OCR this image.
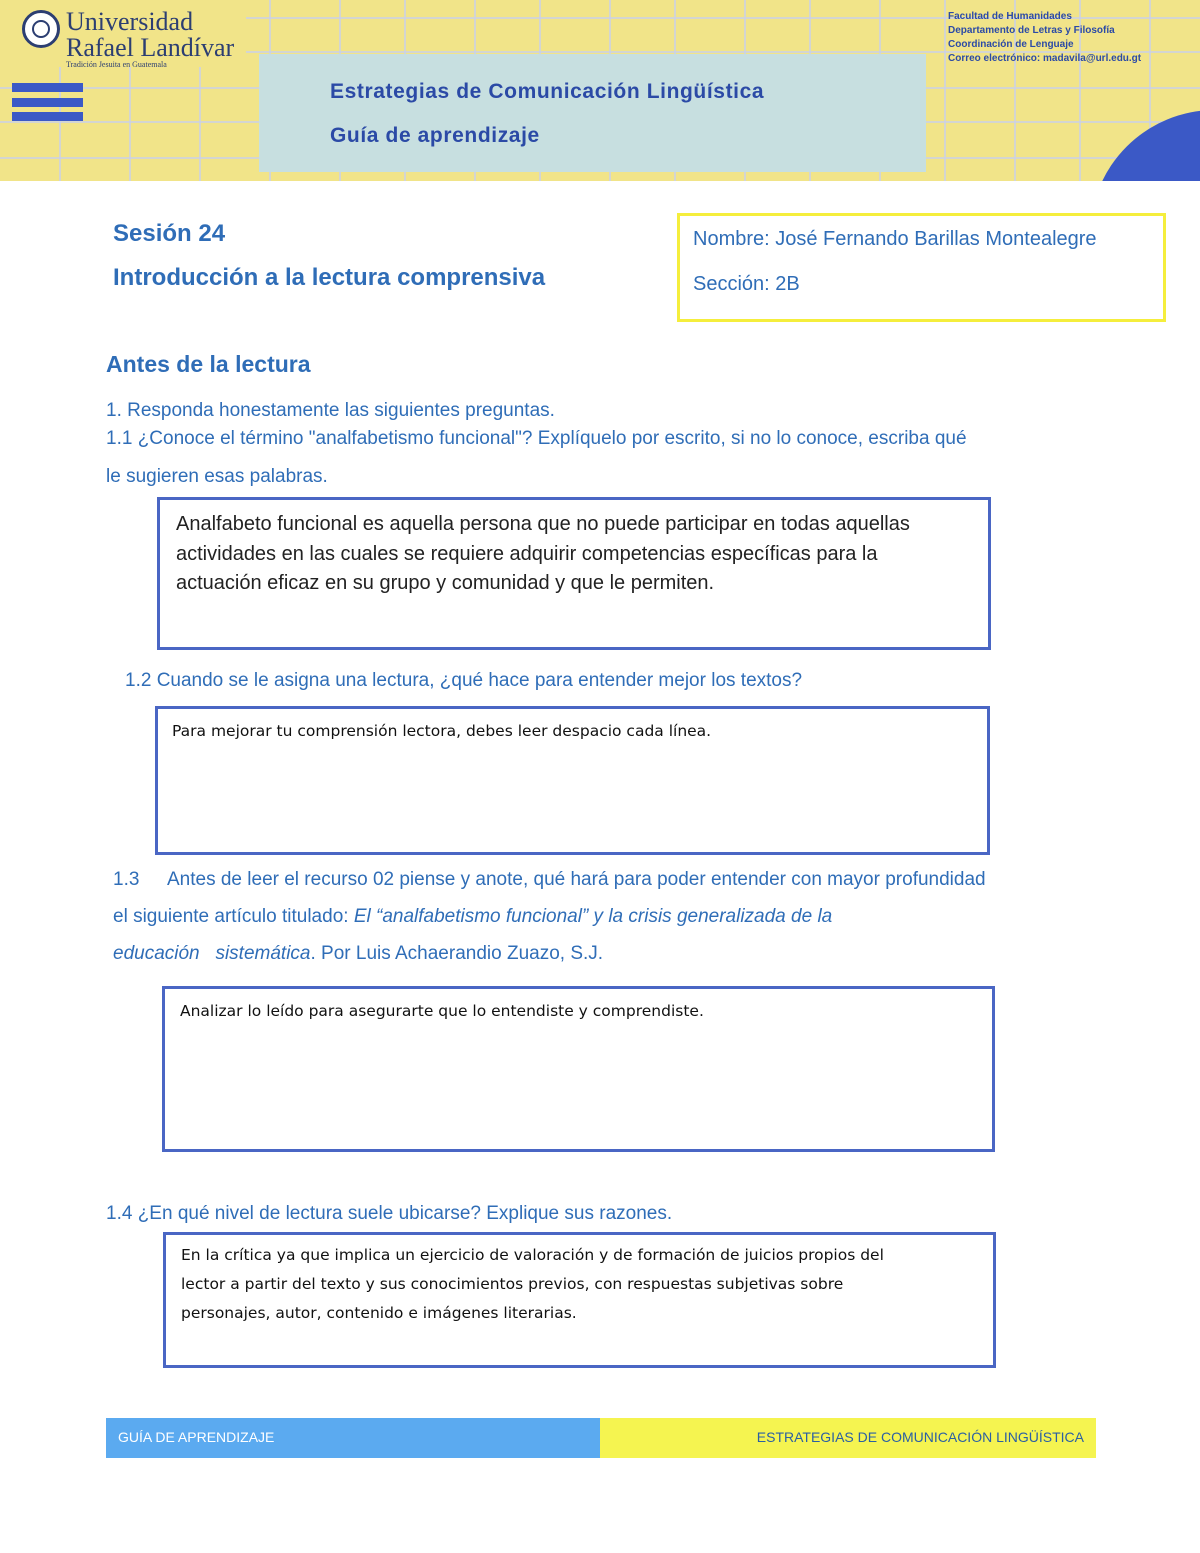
Universidad
Rafael Landívar
Tradición Jesuita en Guatemala
Estrategias de Comunicación Lingüística
Guía de aprendizaje
Facultad de Humanidades
Departamento de Letras y Filosofía
Coordinación de Lenguaje
Correo electrónico: madavila@url.edu.gt
Sesión 24
Introducción a la lectura comprensiva
Nombre: José Fernando Barillas Montealegre
Sección: 2B
Antes de la lectura
1. Responda honestamente las siguientes preguntas.
1.1 ¿Conoce el término "analfabetismo funcional"? Explíquelo por escrito, si no lo conoce, escriba qué
le sugieren esas palabras.
Analfabeto funcional es aquella persona que no puede participar en todas aquellas actividades en las cuales se requiere adquirir competencias específicas para la actuación eficaz en su grupo y comunidad y que le permiten.
1.2 Cuando se le asigna una lectura, ¿qué hace para entender mejor los textos?
Para mejorar tu comprensión lectora, debes leer despacio cada línea.
1.3 Antes de leer el recurso 02 piense y anote, qué hará para poder entender con mayor profundidad
el siguiente artículo titulado: El “analfabetismo funcional” y la crisis generalizada de la
educación   sistemática. Por Luis Achaerandio Zuazo, S.J.
Analizar lo leído para asegurarte que lo entendiste y comprendiste.
1.4 ¿En qué nivel de lectura suele ubicarse? Explique sus razones.
En la crítica ya que implica un ejercicio de valoración y de formación de juicios propios del
lector a partir del texto y sus conocimientos previos, con respuestas subjetivas sobre
personajes, autor, contenido e imágenes literarias.
GUÍA DE APRENDIZAJE	ESTRATEGIAS DE COMUNICACIÓN LINGÜÍSTICA
